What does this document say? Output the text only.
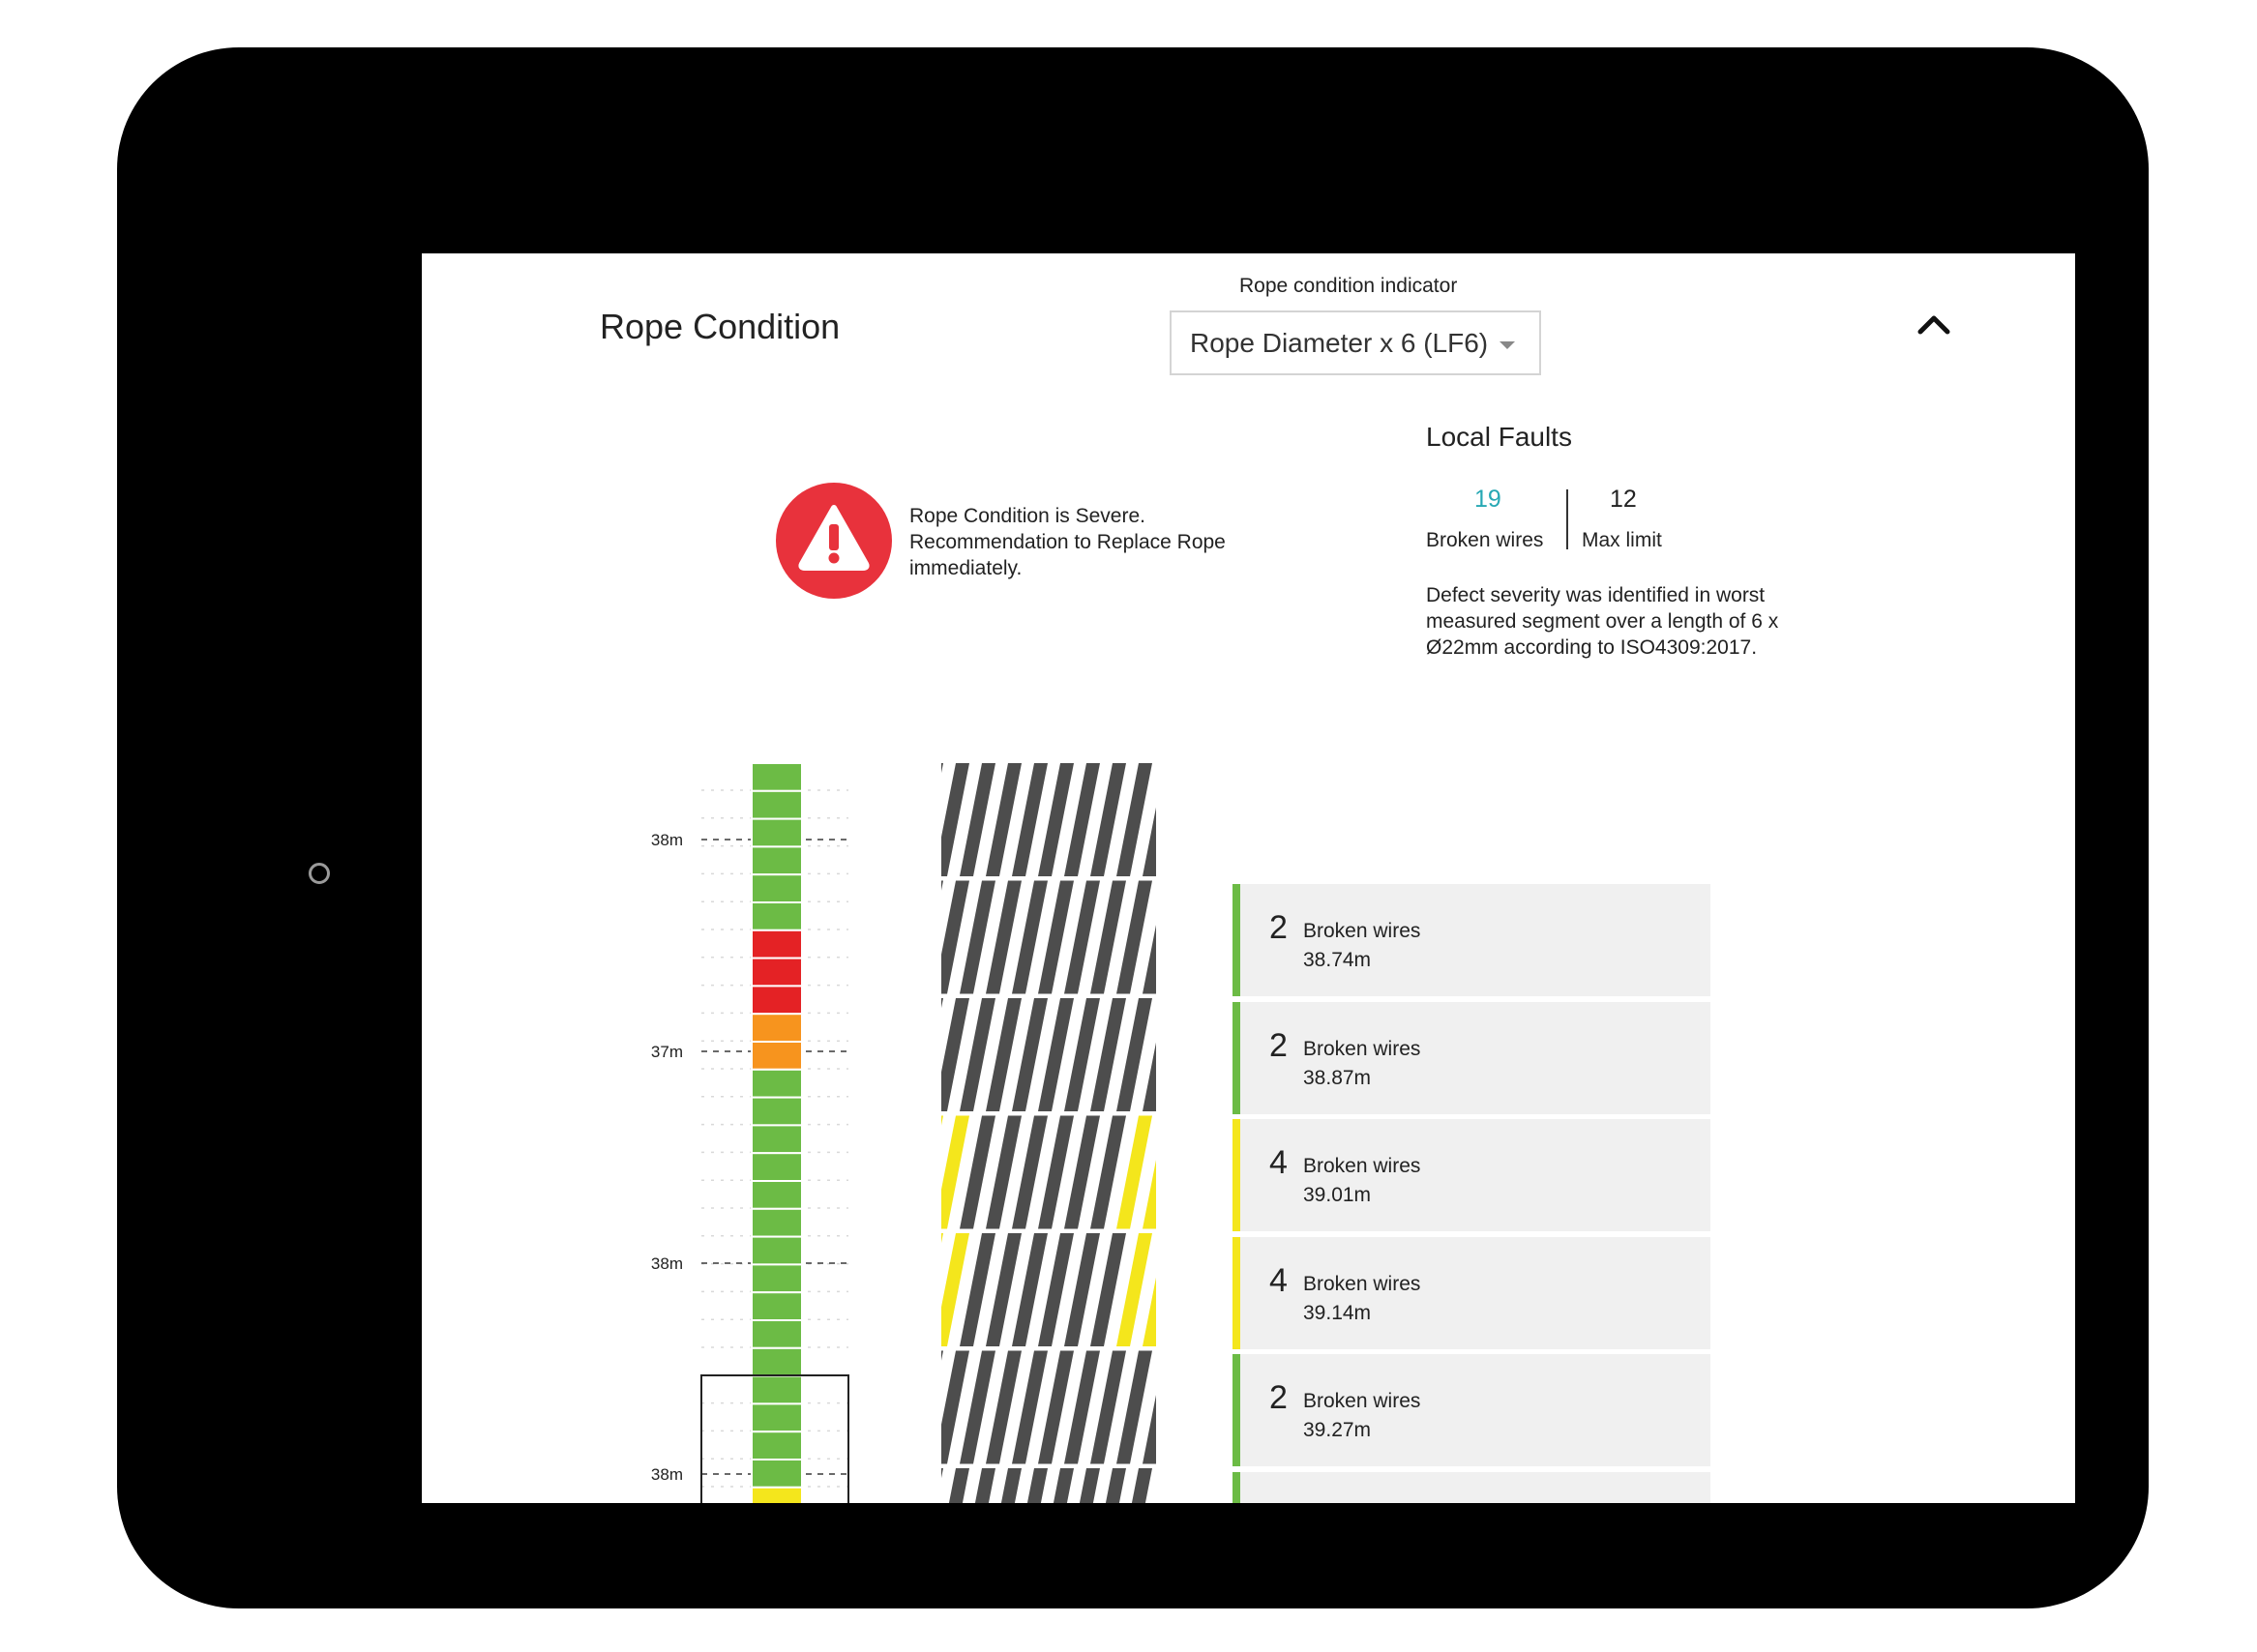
Rope Condition
Rope condition indicator
Rope Diameter x 6 (LF6)
Rope Condition is Severe.
Recommendation to Replace Rope
immediately.
Local Faults
19	12
Broken wires Max limit
Defect severity was identified in worst
measured segment over a length of 6 x
Ø22mm according to ISO4309:2017.
38m
37m
38m
38m
2 Broken wires
38.74m
2 Broken wires
38.87m
4 Broken wires
39.01m
4 Broken wires
39.14m
2 Broken wires
39.27m
